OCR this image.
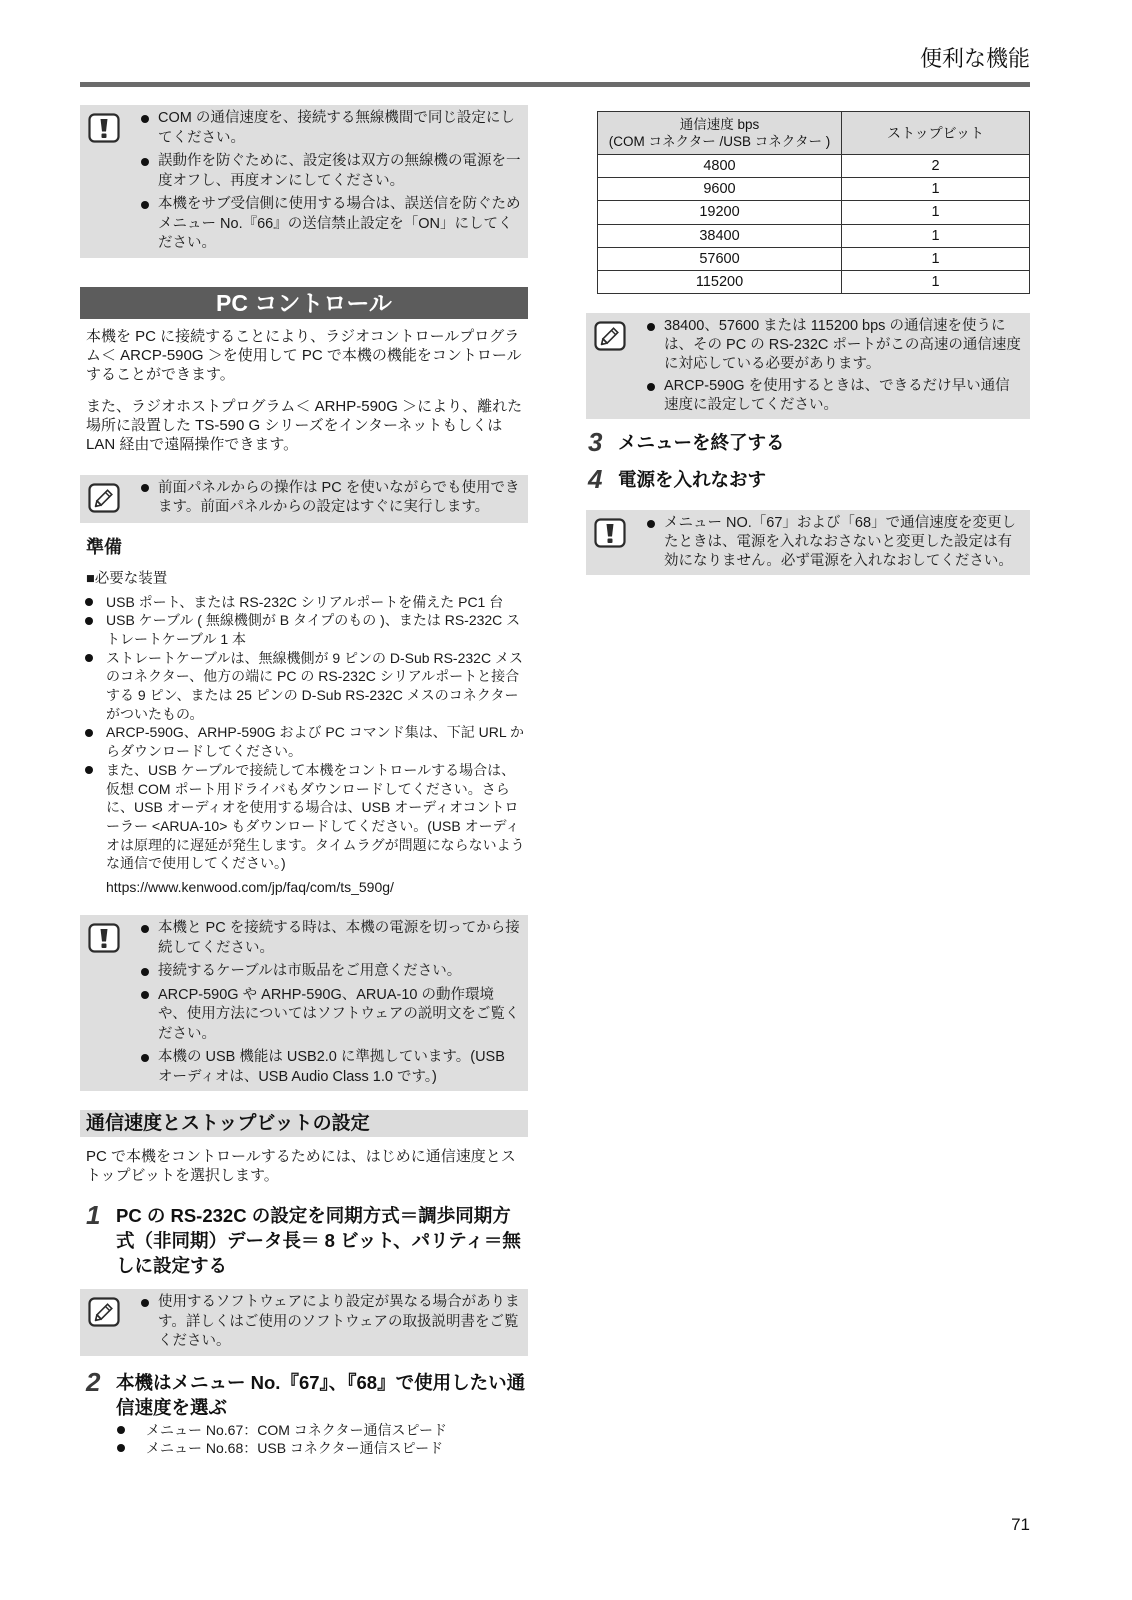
便利な機能
COM の通信速度を、接続する無線機間で同じ設定にしてください。
誤動作を防ぐために、設定後は双方の無線機の電源を一度オフし、再度オンにしてください。
本機をサブ受信側に使用する場合は、誤送信を防ぐためメニュー No.『66』の送信禁止設定を「ON」にしてください。
PC コントロール
本機を PC に接続することにより、ラジオコントロールプログラム＜ ARCP-590G ＞を使用して PC で本機の機能をコントロールすることができます。
また、ラジオホストプログラム＜ ARHP-590G ＞により、離れた場所に設置した TS-590 G シリーズをインターネットもしくは LAN 経由で遠隔操作できます。
前面パネルからの操作は PC を使いながらでも使用できます。前面パネルからの設定はすぐに実行します。
準備
■必要な装置
USB ポート、または RS-232C シリアルポートを備えた PC1 台
USB ケーブル ( 無線機側が B タイプのもの )、または RS-232C ストレートケーブル 1 本
ストレートケーブルは、無線機側が 9 ピンの D-Sub RS-232C メスのコネクター、他方の端に PC の RS-232C シリアルポートと接合する 9 ピン、または 25 ピンの D-Sub RS-232C メスのコネクターがついたもの。
ARCP-590G、ARHP-590G および PC コマンド集は、下記 URL からダウンロードしてください。
また、USB ケーブルで接続して本機をコントロールする場合は、仮想 COM ポート用ドライバもダウンロードしてください。さらに、USB オーディオを使用する場合は、USB オーディオコントローラー <ARUA-10> もダウンロードしてください。(USB オーディオは原理的に遅延が発生します。タイムラグが問題にならないような通信で使用してください。)
https://www.kenwood.com/jp/faq/com/ts_590g/
本機と PC を接続する時は、本機の電源を切ってから接続してください。
接続するケーブルは市販品をご用意ください。
ARCP-590G や ARHP-590G、ARUA-10 の動作環境や、使用方法についてはソフトウェアの説明文をご覧ください。
本機の USB 機能は USB2.0 に準拠しています。(USB オーディオは、USB Audio Class 1.0 です。)
通信速度とストップビットの設定
PC で本機をコントロールするためには、はじめに通信速度とストップビットを選択します。
1 PC の RS-232C の設定を同期方式＝調歩同期方式（非同期）データ長＝ 8 ビット、パリティ＝無しに設定する
使用するソフトウェアにより設定が異なる場合があります。詳しくはご使用のソフトウェアの取扱説明書をご覧ください。
2 本機はメニュー No.『67』、『68』で使用したい通信速度を選ぶ
メニュー No.67：COM コネクター通信スピード
メニュー No.68：USB コネクター通信スピード
通信速度 bps
(COM コネクター /USB コネクター )	ストップビット
4800	2
9600	1
19200	1
38400	1
57600	1
115200	1
38400、57600 または 115200 bps の通信速を使うには、その PC の RS-232C ポートがこの高速の通信速度に対応している必要があります。
ARCP-590G を使用するときは、できるだけ早い通信速度に設定してください。
3 メニューを終了する
4 電源を入れなおす
メニュー NO.「67」および「68」で通信速度を変更したときは、電源を入れなおさないと変更した設定は有効になりません。必ず電源を入れなおしてください。
71
